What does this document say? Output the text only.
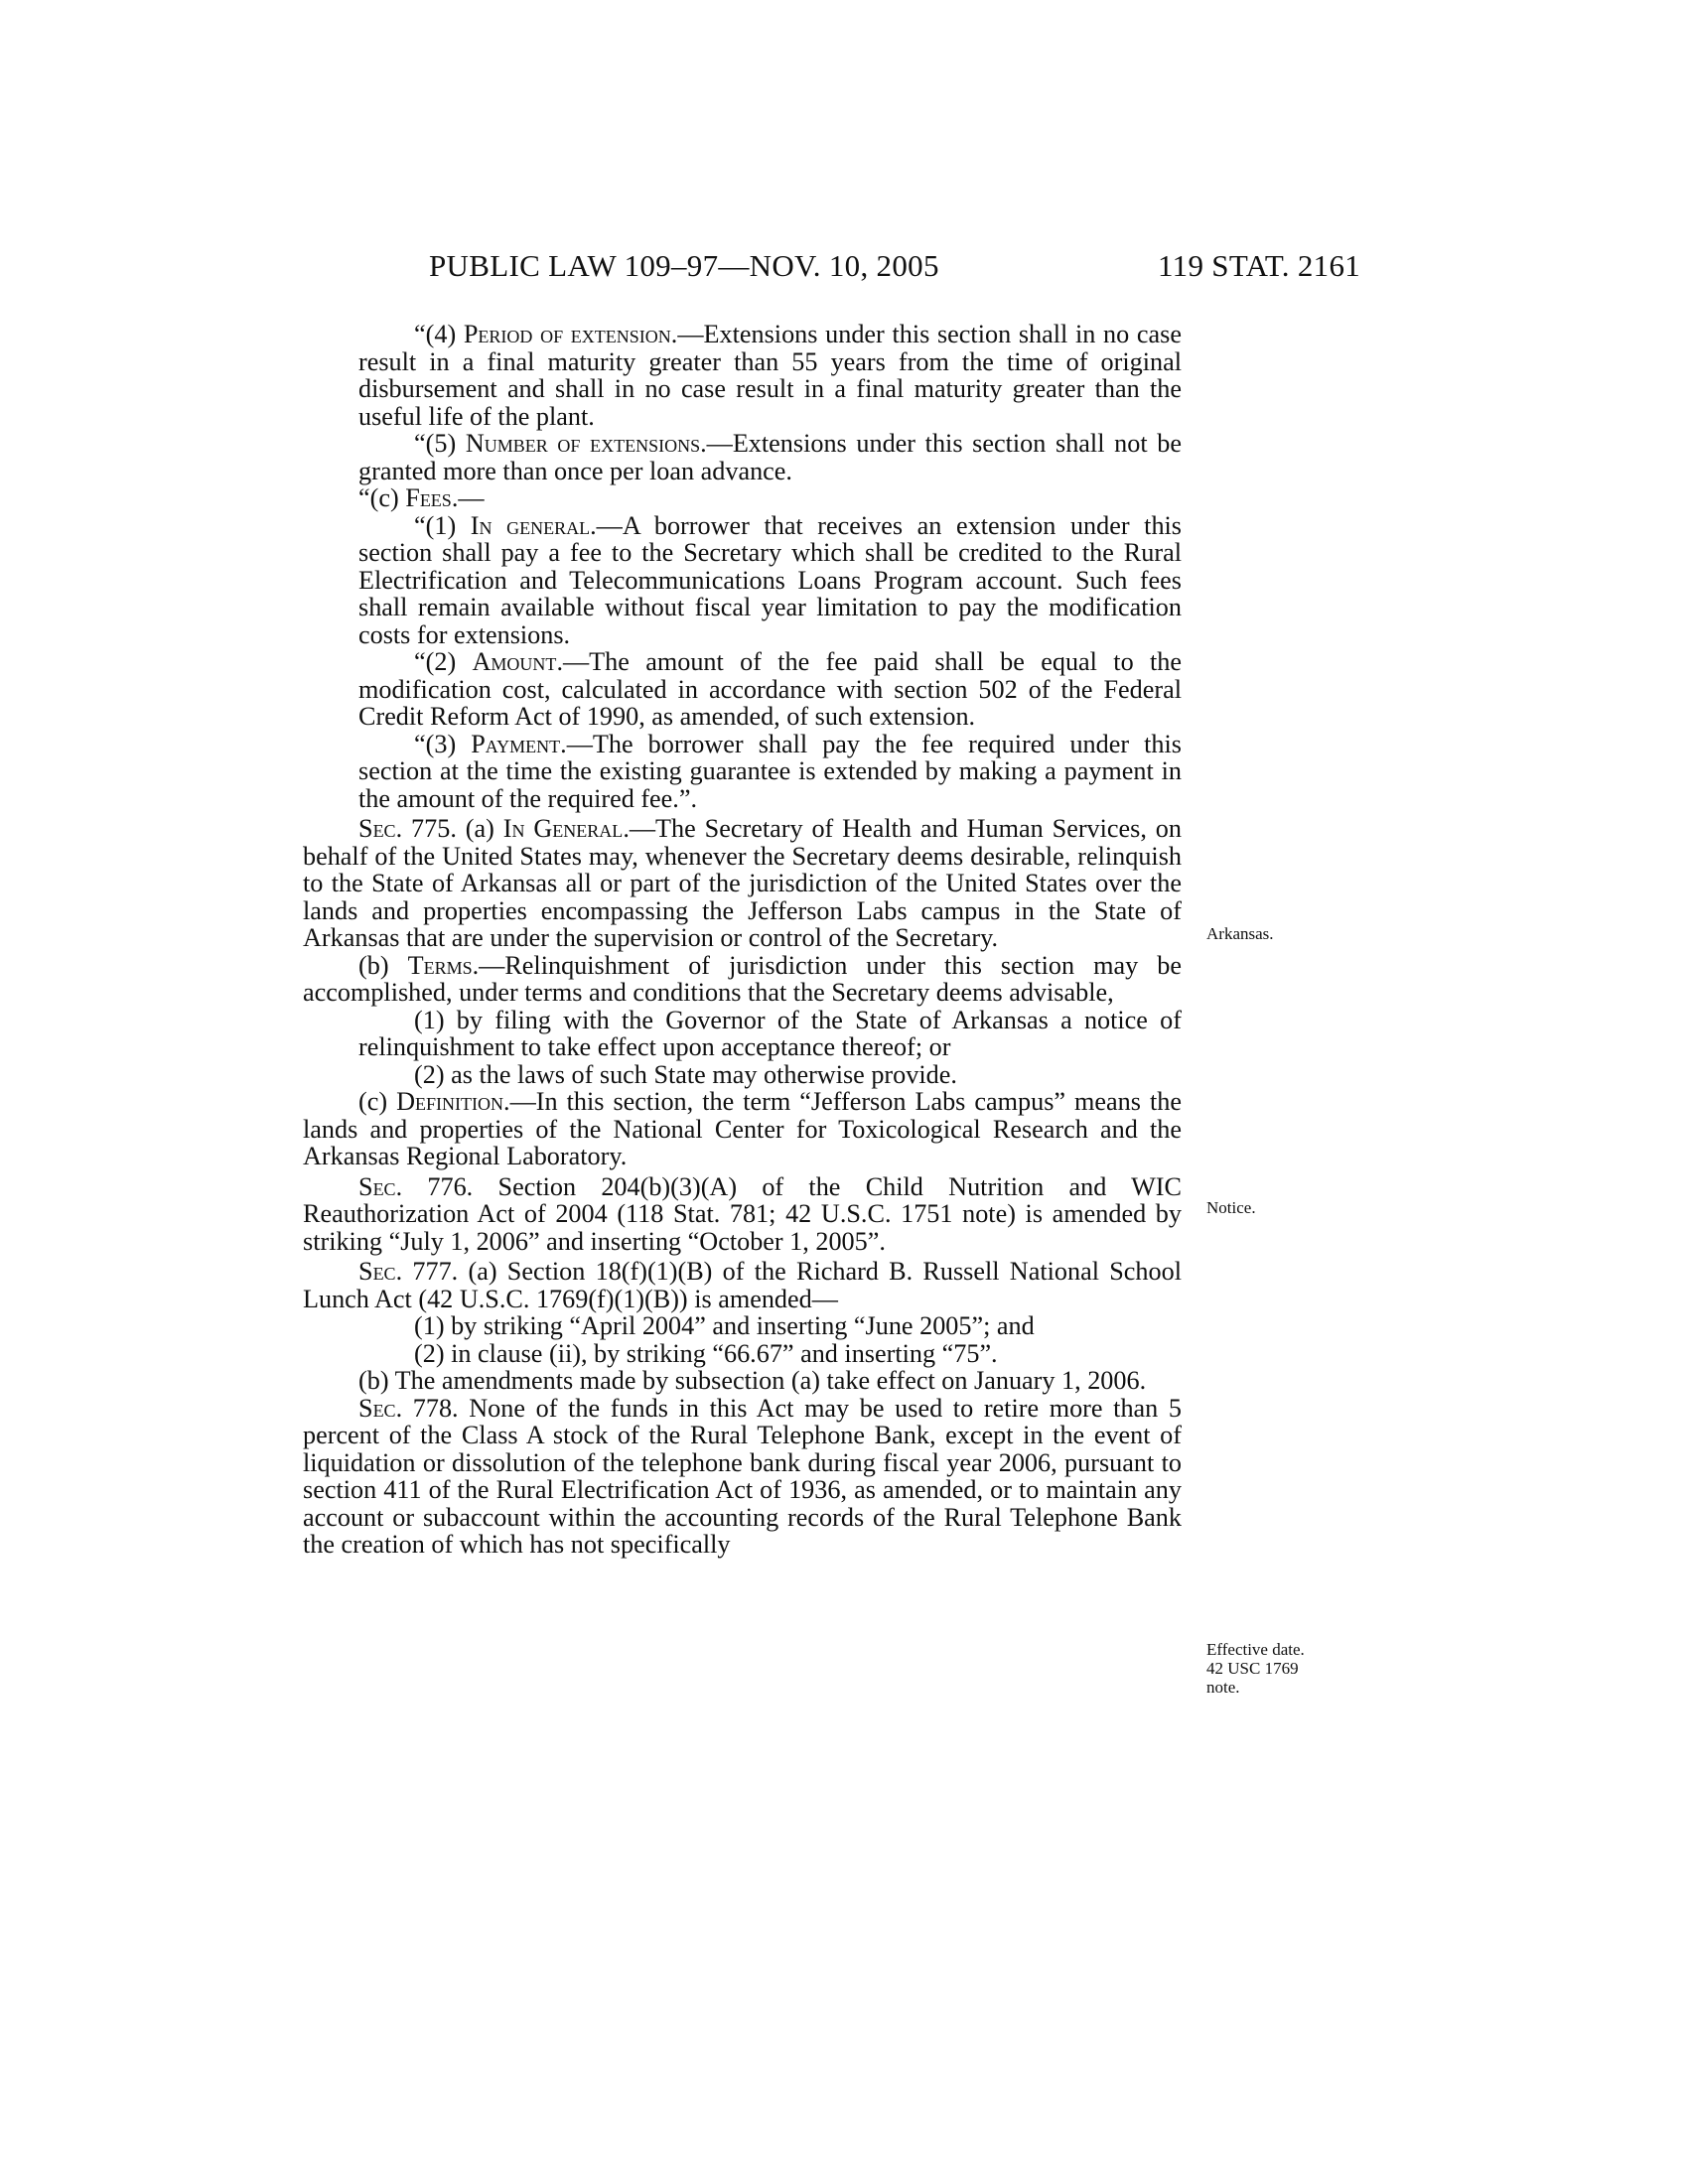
PUBLIC LAW 109–97—NOV. 10, 2005	119 STAT. 2161

“(4) Period of extension.—Extensions under this section shall in no case result in a final maturity greater than 55 years from the time of original disbursement and shall in no case result in a final maturity greater than the useful life of the plant.

“(5) Number of extensions.—Extensions under this section shall not be granted more than once per loan advance.

“(c) Fees.—

“(1) In general.—A borrower that receives an extension under this section shall pay a fee to the Secretary which shall be credited to the Rural Electrification and Telecommunications Loans Program account. Such fees shall remain available without fiscal year limitation to pay the modification costs for extensions.

“(2) Amount.—The amount of the fee paid shall be equal to the modification cost, calculated in accordance with section 502 of the Federal Credit Reform Act of 1990, as amended, of such extension.

“(3) Payment.—The borrower shall pay the fee required under this section at the time the existing guarantee is extended by making a payment in the amount of the required fee.”.

Sec. 775. (a) In General.—The Secretary of Health and Human Services, on behalf of the United States may, whenever the Secretary deems desirable, relinquish to the State of Arkansas all or part of the jurisdiction of the United States over the lands and properties encompassing the Jefferson Labs campus in the State of Arkansas that are under the supervision or control of the Secretary.

(b) Terms.—Relinquishment of jurisdiction under this section may be accomplished, under terms and conditions that the Secretary deems advisable,

(1) by filing with the Governor of the State of Arkansas a notice of relinquishment to take effect upon acceptance thereof; or

(2) as the laws of such State may otherwise provide.

(c) Definition.—In this section, the term “Jefferson Labs campus” means the lands and properties of the National Center for Toxicological Research and the Arkansas Regional Laboratory.

Sec. 776. Section 204(b)(3)(A) of the Child Nutrition and WIC Reauthorization Act of 2004 (118 Stat. 781; 42 U.S.C. 1751 note) is amended by striking “July 1, 2006” and inserting “October 1, 2005”.

Sec. 777. (a) Section 18(f)(1)(B) of the Richard B. Russell National School Lunch Act (42 U.S.C. 1769(f)(1)(B)) is amended—

(1) by striking “April 2004” and inserting “June 2005”; and

(2) in clause (ii), by striking “66.67” and inserting “75”.

(b) The amendments made by subsection (a) take effect on January 1, 2006.

Sec. 778. None of the funds in this Act may be used to retire more than 5 percent of the Class A stock of the Rural Telephone Bank, except in the event of liquidation or dissolution of the telephone bank during fiscal year 2006, pursuant to section 411 of the Rural Electrification Act of 1936, as amended, or to maintain any account or subaccount within the accounting records of the Rural Telephone Bank the creation of which has not specifically

Arkansas.
Notice.
Effective date.
42 USC 1769
note.
